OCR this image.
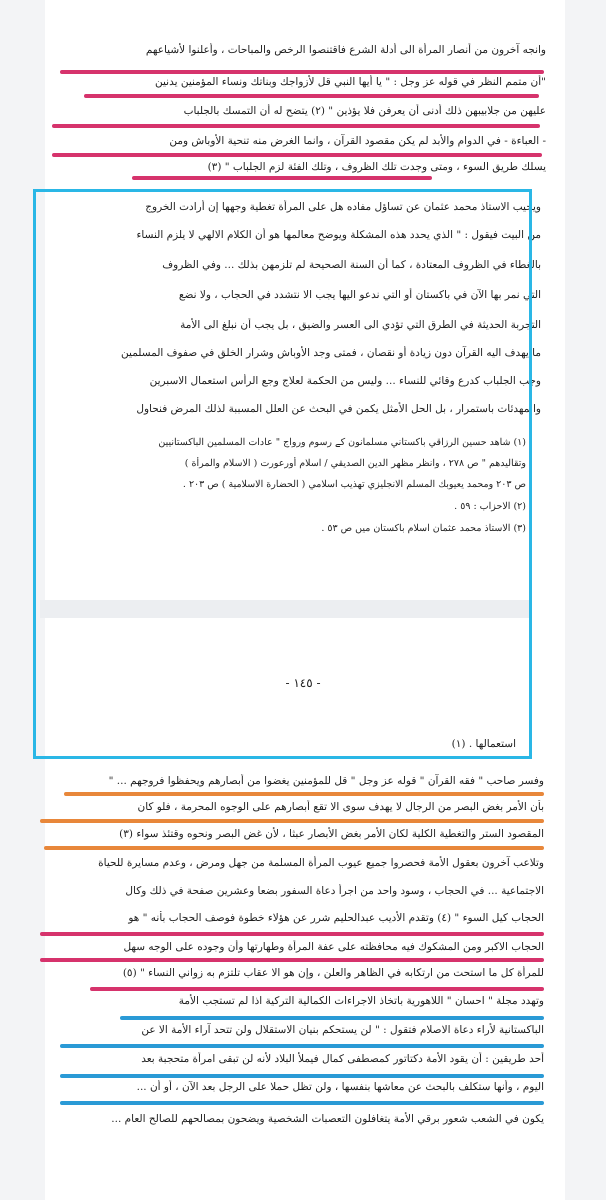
وانجه آخرون من أنصار المرأة الى أدلة الشرع فاقتنصوا الرخص والمباحات ، وأعلنوا لأشياعهم
"أن متمم النظر في قوله عز وجل : " يا أيها النبي قل لأزواجك وبناتك ونساء المؤمنين يدنين
عليهن من جلابيبهن ذلك أدنى أن يعرفن فلا يؤذين " (٢) يتضح له أن التمسك بالجلباب
- العباءة - في الدوام والأبد لم يكن مقصود القرآن ، وانما الغرض منه تنحية الأوباش ومن
يسلك طريق السوء ، ومتى وجدت تلك الظروف ، وتلك الفئة لزم الجلباب " (٣)
ويجيب الاستاذ محمد عثمان عن تساؤل مفاده هل على المرأة تغطية وجهها إن أرادت الخروج
من البيت فيقول : " الذي يحدد هذه المشكلة ويوضح معالمها هو أن الكلام الالهي لا يلزم النساء
بالغطاء في الظروف المعتادة ، كما أن السنة الصحيحة لم تلزمهن بذلك ... وفي الظروف
التي نمر بها الآن في باكستان أو التي ندعو اليها يجب الا نتشدد في الحجاب ، ولا نضع
التجربة الحديثة في الطرق التي تؤدي الى العسر والضيق ، بل يجب أن نبلغ الى الأمة
ما يهدف اليه القرآن دون زيادة أو نقصان ، فمتى وجد الأوباش وشرار الخلق في صفوف المسلمين
وجب الجلباب كدرع وقائي للنساء ... وليس من الحكمة لعلاج وجع الرأس استعمال الاسبرين
والمهدئات باستمرار ، بل الحل الأمثل يكمن في البحث عن العلل المسببة لذلك المرض فنحاول
(١) شاهد حسين الرزاقي باكستاني مسلمانون كے رسوم ورواج " عادات المسلمين الباكستانيين
وتقاليدهم " ص ٢٧٨ ، وانظر مظهر الدين الصديقي / اسلام أورعورت ( الاسلام والمرأة )
ص ٢٠٣ ومحمد يعيوبك المسلم الانجليزي تهذيب اسلامي ( الحضارة الاسلامية ) ص ٢٠٣ .
(٢) الاحزاب : ٥٩ .
(٣) الاستاذ محمد عثمان اسلام باكستان ميں ص ٥٣ .
- ١٤٥ -
استعمالها . (١)
وفسر صاحب " فقه القرآن " قوله عز وجل " قل للمؤمنين يغضوا من أبصارهم ويحفظوا فروجهم ... "
بأن الأمر بغض البصر من الرجال لا يهدف سوى الا تقع أبصارهم على الوجوه المحرمة ، فلو كان
المقصود الستر والتغطية الكلية لكان الأمر بغض الأبصار عبثا ، لأن غض البصر ونحوه وقتئذ سواء (٣)
وتلاعب آخرون بعقول الأمة فحصروا جميع عيوب المرأة المسلمة من جهل ومرض ، وعدم مسايرة للحياة
الاجتماعية ... في الحجاب ، وسود واحد من اجرأ دعاة السفور بضعا وعشرين صفحة في ذلك وكال
الحجاب كيل السوء " (٤) وتقدم الأديب عبدالحليم شرر عن هؤلاء خطوة فوصف الحجاب بأنه " هو
الحجاب الاكبر ومن المشكوك فيه محافظته على عفة المرأة وطهارتها وأن وجوده على الوجه سهل
للمرأة كل ما استحت من ارتكابه في الظاهر والعلن ، وإن هو الا عقاب تلتزم به زواني النساء " (٥)
وتهدد مجلة " احسان " اللاهورية باتخاذ الاجراءات الكمالية التركية اذا لم تستجب الأمة
الباكستانية لأراء دعاة الاصلام فتقول : " لن يستحكم بنيان الاستقلال ولن تتحد آراء الأمة الا عن
أحد طريقين : أن يقود الأمة دكتاتور كمصطفى كمال فيملأ البلاد لأنه لن تبقى امرأة متحجبة بعد
اليوم ، وأنها ستكلف بالبحث عن معاشها بنفسها ، ولن تظل حملا على الرجل بعد الآن ، أو أن ...
يكون في الشعب شعور برقي الأمة يتغافلون التعصبات الشخصية ويضحون بمصالحهم للصالح العام ...
